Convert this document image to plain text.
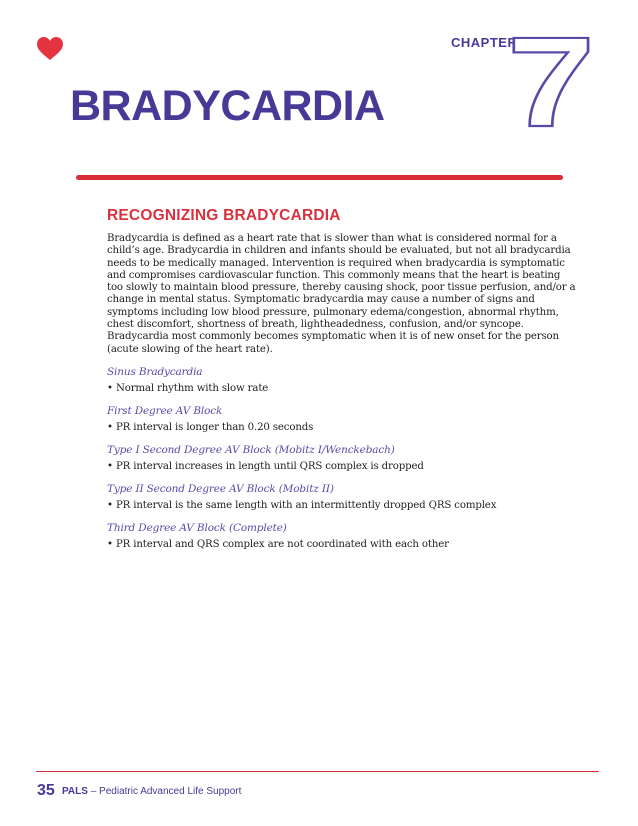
CHAPTER
7
BRADYCARDIA
RECOGNIZING BRADYCARDIA

Bradycardia is defined as a heart rate that is slower than what is considered normal for a child’s age. Bradycardia in children and infants should be evaluated, but not all bradycardia needs to be medically managed. Intervention is required when bradycardia is symptomatic and compromises cardiovascular function. This commonly means that the heart is beating too slowly to maintain blood pressure, thereby causing shock, poor tissue perfusion, and/or a change in mental status. Symptomatic bradycardia may cause a number of signs and symptoms including low blood pressure, pulmonary edema/congestion, abnormal rhythm, chest discomfort, shortness of breath, lightheadedness, confusion, and/or syncope. Bradycardia most commonly becomes symptomatic when it is of new onset for the person (acute slowing of the heart rate).

Sinus Bradycardia

• Normal rhythm with slow rate

First Degree AV Block

• PR interval is longer than 0.20 seconds

Type I Second Degree AV Block (Mobitz I/Wenckebach)

• PR interval increases in length until QRS complex is dropped

Type II Second Degree AV Block (Mobitz II)

• PR interval is the same length with an intermittently dropped QRS complex

Third Degree AV Block (Complete)

• PR interval and QRS complex are not coordinated with each other

35 PALS – Pediatric Advanced Life Support
